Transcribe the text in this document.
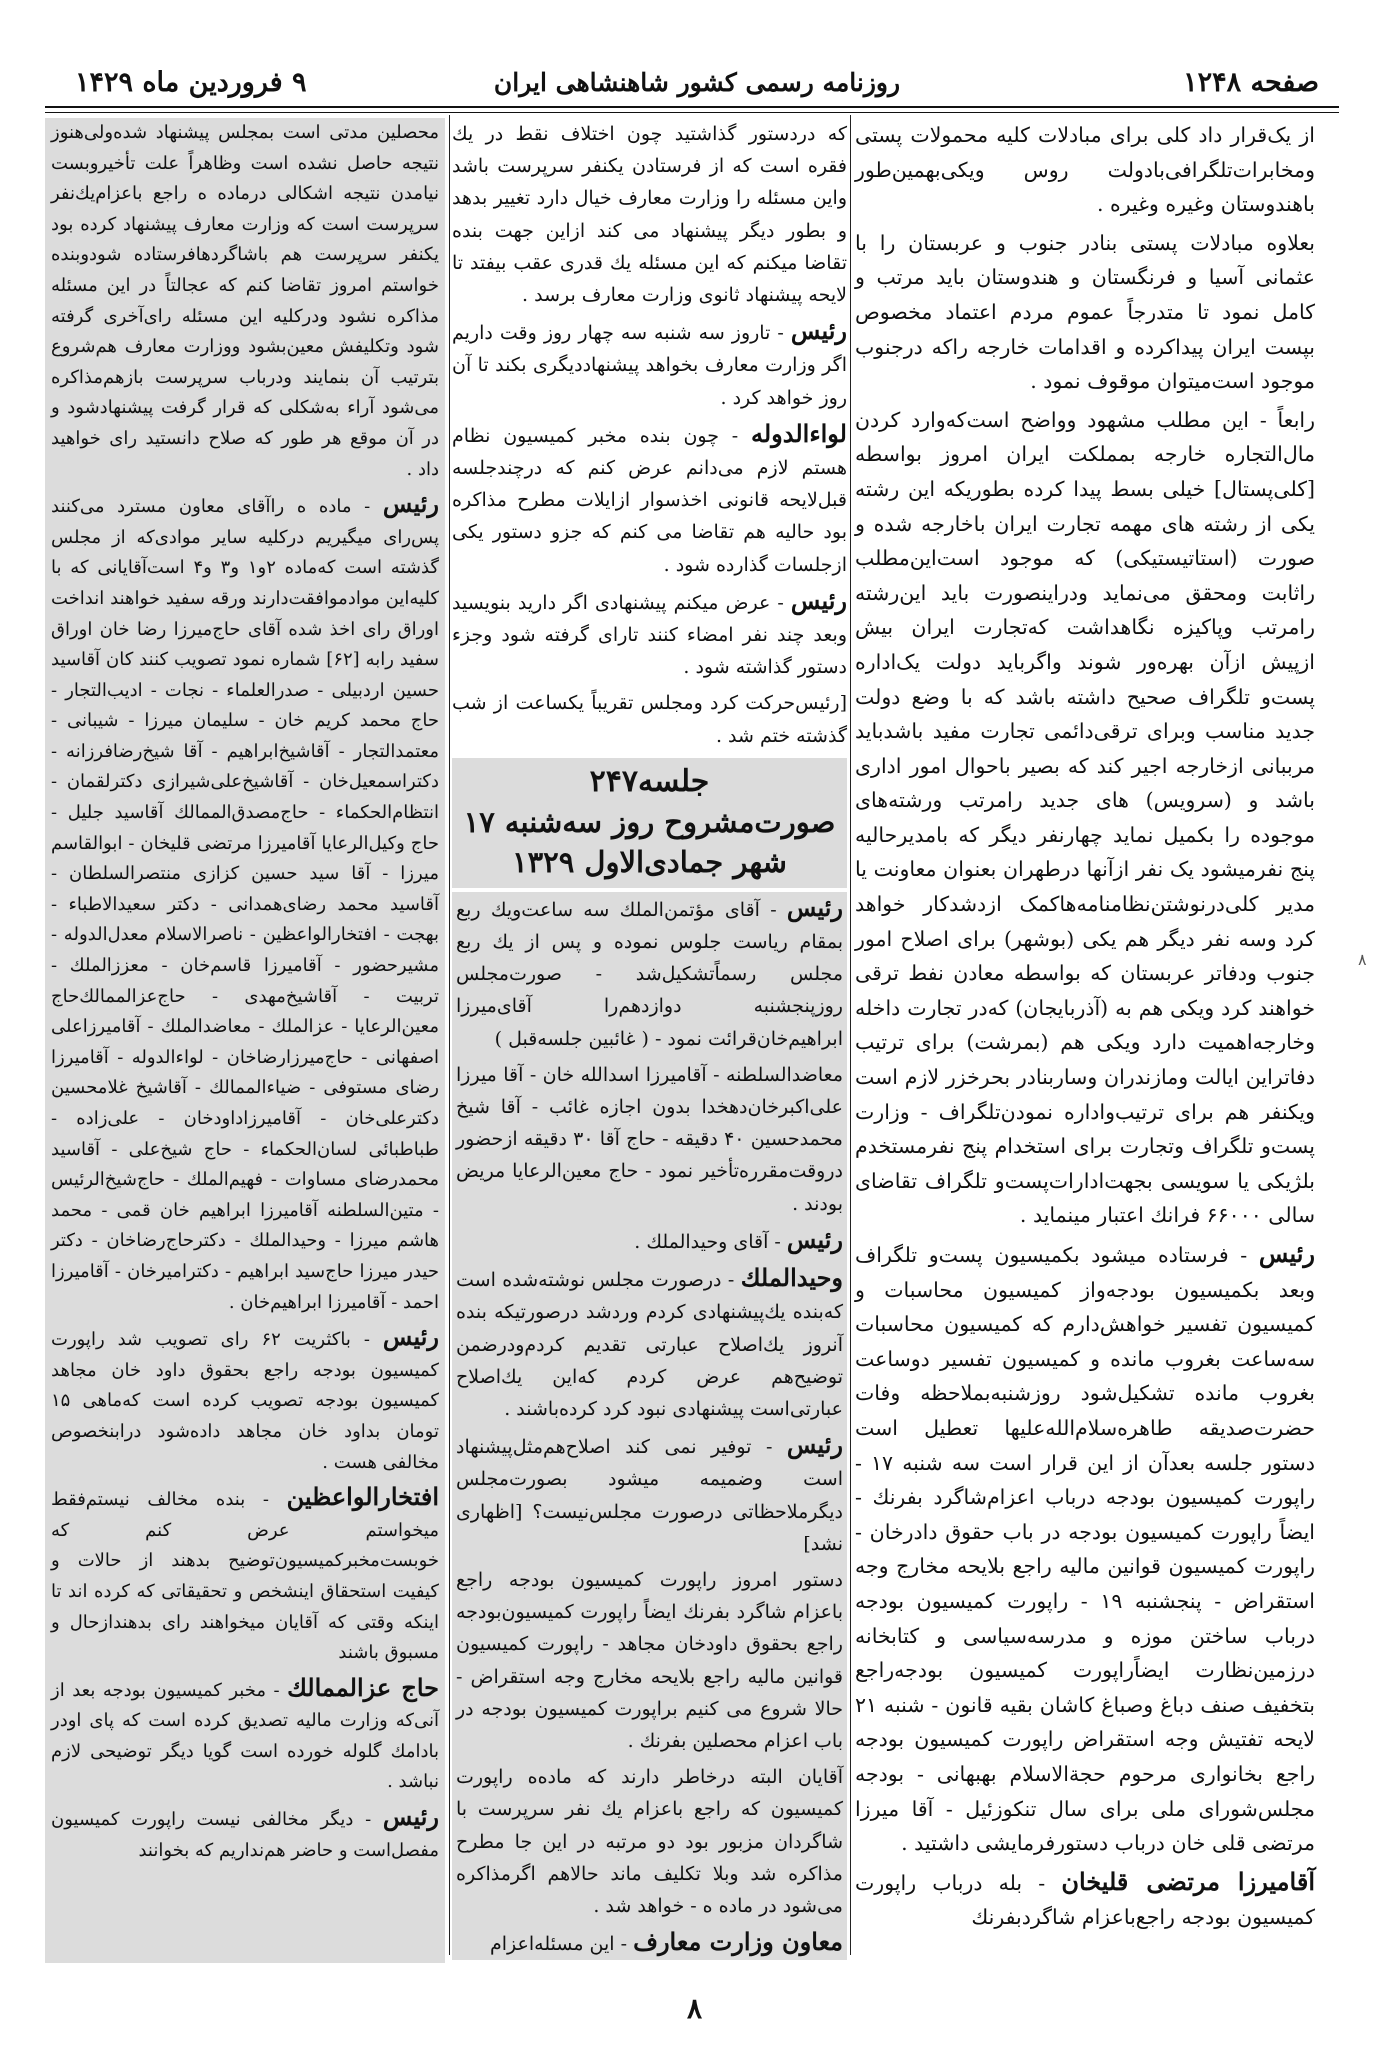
صفحه ۱۲۴۸
روزنامه رسمی کشور شاهنشاهی ایران
۹ فروردین ماه ۱۴۲۹

از یک‌قرار داد کلی برای مبادلات کلیه محمولات پستی ومخابرات‌تلگرافی‌بادولت روس ویکی‌بهمین‌طور باهندوستان وغیره وغیره .

بعلاوه مبادلات پستی بنادر جنوب و عربستان را با عثمانی آسیا و فرنگستان و هندوستان باید مرتب و کامل نمود تا متدرجاً عموم مردم اعتماد مخصوص بپست ایران پیداکرده و اقدامات خارجه راکه درجنوب موجود است‌میتوان موقوف نمود .

رابعاً - این مطلب مشهود وواضح است‌که‌وارد کردن مال‌التجاره خارجه بمملکت ایران امروز بواسطه [کلی‌پستال] خیلی بسط پیدا کرده بطوریکه این رشته یکی از رشته های مهمه تجارت ایران باخارجه شده و صورت (استاتیستیکی) که موجود است‌این‌مطلب راثابت ومحقق می‌نماید ودراینصورت باید این‌رشته رامرتب وپاکیزه نگاهداشت که‌تجارت ایران بیش ازپیش ازآن بهره‌ور شوند واگرباید دولت یک‌اداره پست‌و تلگراف صحیح داشته باشد که با وضع دولت جدید مناسب وبرای ترقی‌دائمی تجارت مفید باشد‌باید مرببانی ازخارجه اجیر کند که بصیر باحوال امور اداری باشد و (سرویس) های جدید رامرتب ورشته‌های موجوده را بکمیل نماید چهارنفر دیگر که بامدیرحالیه پنج نفرمیشود یک نفر ازآنها درطهران بعنوان معاونت یا مدیر کلی‌درنوشتن‌نظامنامه‌هاکمک ازدشدکار خواهد کرد وسه نفر دیگر هم یکی (بوشهر) برای اصلاح امور جنوب ودفاتر عربستان که بواسطه معادن نفط ترقی خواهند کرد ویکی هم به (آذربایجان) که‌در تجارت داخله وخارجه‌اهمیت دارد ویکی هم (بمرشت) برای ترتیب دفاتراین ایالت ومازندران وساربنادر بحرخزر لازم است ویکنفر هم برای ترتیب‌واداره نمودن‌تلگراف - وزارت پست‌و تلگراف وتجارت برای استخدام پنج نفرمستخدم بلژیکی یا سویسی بجهت‌ادارات‌پست‌و تلگراف تقاضای سالی ۶۶۰۰۰ فرانك اعتبار مینماید .

رئیس - فرستاده میشود بکمیسیون پست‌و تلگراف وبعد بکمیسیون بودجه‌واز کمیسیون محاسبات و کمیسیون تفسیر خواهش‌دارم که کمیسیون محاسبات سه‌ساعت بغروب مانده و کمیسیون تفسیر دوساعت بغروب مانده تشکیل‌شود روزشنبه‌بملاحظه وفات حضرت‌صدیقه طاهره‌سلام‌الله‌علیها تعطیل است دستور جلسه بعد‌آن از این قرار است سه شنبه ۱۷ - راپورت کمیسیون بودجه درباب اعزام‌شاگرد بفرنك - ایضاً راپورت کمیسیون بودجه در باب حقوق دادرخان - راپورت کمیسیون قوانین مالیه راجع بلایحه مخارج وجه استقراض - پنجشنبه ۱۹ - راپورت کمیسیون بودجه درباب ساختن موزه و مدرسه‌سیاسی و کتابخانه درزمین‌نظارت ایضاً‌راپورت کمیسیون بودجه‌راجع بتخفیف صنف دباغ وصباغ کاشان بقیه قانون - شنبه ۲۱ لایحه تفتیش وجه استقراض راپورت کمیسیون بودجه راجع بخانواری مرحوم حجة‌الاسلام بهبهانی - بودجه مجلس‌شورای ملی برای سال تنکوزئیل - آقا میرزا مرتضی قلی خان درباب دستورفرمایشی داشتید .

آقامیرزا مرتضی قلیخان - بله درباب راپورت کمیسیون بودجه راجع‌باعزام شاگردبفرنك

که دردستور گذاشتید چون اختلاف نقط در یك فقره است که از فرستادن یکنفر سرپرست باشد واین مسئله را وزارت معارف خیال دارد تغییر بدهد و بطور دیگر پیشنهاد می کند ازاین جهت بنده تقاضا میکنم که این مسئله یك قدری عقب بیفتد تا لایحه پیشنهاد ثانوی وزارت معارف برسد .

رئیس - تاروز سه شنبه سه چهار روز وقت داریم اگر وزارت معارف بخواهد پیشنهاددیگری بکند تا آن روز خواهد کرد .

لواءالدوله - چون بنده مخبر کمیسیون نظام هستم لازم می‌دانم عرض کنم که درچندجلسه قبل‌لایحه قانونی اخذسوار ازایلات مطرح مذاکره بود حالیه هم تقاضا می کنم که جزو دستور یکی ازجلسات گذارده شود .

رئیس - عرض میکنم پیشنهادی اگر دارید بنویسید وبعد چند نفر امضاء کنند تارای گرفته شود وجزء دستور گذاشته شود .

[رئیس‌حرکت کرد ومجلس تقریباً یکساعت از شب گذشته ختم شد .

جلسه۲۴۷
صورت‌مشروح روز سه‌شنبه ۱۷ شهر جمادی‌الاول ۱۳۲۹

رئیس - آقای مؤتمن‌الملك سه ساعت‌ویك ربع بمقام ریاست جلوس نموده و پس از یك ربع مجلس رسماً‌تشکیل‌شد - صورت‌مجلس روزپنجشنبه دوازدهم‌را آقای‌میرزا ابراهیم‌خان‌قرائت نمود - ( غائبین جلسه‌قبل )

معاضدالسلطنه - آقامیرزا اسدالله خان - آقا میرزا علی‌اکبرخان‌دهخدا بدون اجازه غائب - آقا شیخ محمدحسین ۴۰ دقیقه - حاج آقا ۳۰ دقیقه ازحضور دروقت‌مقرره‌تأخیر نمود - حاج معین‌الرعایا مریض بودند .

رئیس - آقای وحیدالملك .

وحیدالملك - درصورت مجلس نوشته‌شده است که‌بنده یك‌پیشنهادی کردم وردشد درصورتیکه بنده آنروز یك‌اصلاح عبارتی تقدیم کردم‌ودرضمن توضیح‌هم عرض کردم که‌این یك‌اصلاح عبارتی‌است پیشنهادی نبود کرد کرده‌باشند .

رئیس - توفیر نمی کند اصلاح‌هم‌مثل‌پیشنهاد است وضمیمه میشود بصورت‌مجلس دیگرملاحظاتی درصورت مجلس‌نیست؟ [اظهاری نشد]

دستور امروز راپورت کمیسیون بودجه راجع باعزام شاگرد بفرنك ایضاً راپورت کمیسیون‌بودجه راجع بحقوق داودخان مجاهد - راپورت کمیسیون قوانین مالیه راجع بلایحه مخارج وجه استقراض - حالا شروع می کنیم براپورت کمیسیون بودجه در باب اعزام محصلین بفرنك .

آقایان البته درخاطر دارند که ماده‌ه راپورت کمیسیون که راجع باعزام یك نفر سرپرست با شاگردان مزبور بود دو مرتبه در این جا مطرح مذاکره شد وبلا تکلیف ماند حالاهم اگرمذاکره می‌شود در ماده ه - خواهد شد .

معاون وزارت معارف - این مسئله‌اعزام

محصلین مدتی است بمجلس پیشنهاد شده‌ولی‌هنوز نتیجه حاصل نشده است وظاهراً علت تأخیرو‌بست نیامدن نتیجه اشکالی درماده ه راجع باعزام‌یك‌نفر سرپرست است که وزارت معارف پیشنهاد کرده بود یکنفر سرپرست هم باشاگردهافرستاده شود‌وبنده خواستم امروز تقاضا کنم که عجالتاً در این مسئله مذاکره نشود ودرکلیه این مسئله رای‌آخری گرفته شود وتکلیفش معین‌بشود ووزارت معارف هم‌شروع بترتیب آن بنمایند ودرباب سرپرست بازهم‌مذاکره می‌شود آراء به‌شکلی که قرار گرفت پیشنهادشود و در آن موقع هر طور که صلاح دانستید رای خواهید داد .

رئیس - ماده ه راآقای معاون مسترد می‌کنند پس‌رای میگیریم درکلیه سایر موادی‌که از مجلس گذشته است که‌ماده ۲و۱ و۳ و۴ است‌آقایانی که با کلیه‌این موادموافقت‌دارند ورقه سفید خواهند انداخت اوراق رای اخذ شده آقای حاج‌میرزا رضا خان اوراق سفید رابه [۶۲] شماره نمود تصویب کنند کان آقاسید حسین اردبیلی - صدرالعلماء - نجات - ادیب‌التجار - حاج محمد کریم خان - سلیمان میرزا - شیبانی - معتمدالتجار - آقاشیخ‌ابراهیم - آقا شیخ‌رضا‌فرزانه - دکتر‌اسمعیل‌خان - آقاشیخ‌علی‌شیرازی دکترلقمان - انتظام‌الحکماء - حاج‌مصدق‌الممالك آقاسید جلیل - حاج وکیل‌الرعایا آقامیرزا مرتضی قلیخان - ابوالقاسم میرزا - آقا سید حسین کزازی منتصرالسلطان - آقاسید محمد رضای‌همدانی - دکتر سعیدالاطباء - بهجت - افتخارالواعظین - ناصرالاسلام معدل‌الدوله - مشیرحضور - آقامیرزا قاسم‌خان - معززالملك - تربیت - آقاشیخ‌مهدی - حاج‌عزالممالك‌حاج معین‌الرعایا - عزالملك - معاضدالملك - آقامیرزاعلی اصفهانی - حاج‌میرزارضاخان - لواءالدوله - آقامیرزا رضای مستوفی - ضیاءالممالك - آقاشیخ غلامحسین دکترعلی‌خان - آقامیرزاداودخان - علی‌زاده - طباطبائی لسان‌الحکماء - حاج شیخ‌علی - آقاسید محمدرضای مساوات - فهیم‌الملك - حاج‌شیخ‌الرئیس - متین‌السلطنه آقامیرزا ابراهیم خان قمی - محمد هاشم میرزا - وحیدالملك - دکترحاج‌رضاخان - دکتر حیدر میرزا حاج‌سید ابراهیم - دکترامیرخان - آقامیرزا احمد - آقامیرزا ابراهیم‌خان .

رئیس - باکثریت ۶۲ رای تصویب شد راپورت کمیسیون بودجه راجع بحقوق داود خان مجاهد کمیسیون بودجه تصویب کرده است که‌ماهی ۱۵ تومان بداود خان مجاهد داده‌شود درابنخصوص مخالفی هست .

افتخارالواعظین - بنده مخالف نیستم‌فقط میخواستم عرض کنم که خوبست‌مخبرکمیسیون‌توضیح بدهند از حالات و کیفیت استحقاق اینشخص و تحقیقاتی که کرده اند تا اینکه وقتی که آقایان میخواهند رای بدهندازحال و مسبوق باشند

حاج عزالممالك - مخبر کمیسیون بودجه بعد از آنی‌که وزارت مالیه تصدیق کرده است که پای اودر بادامك گلوله خورده است گویا دیگر توضیحی لازم نباشد .

رئیس - دیگر مخالفی نیست راپورت کمیسیون مفصل‌است و حاضر هم‌نداریم که بخوانند

۸
۸
